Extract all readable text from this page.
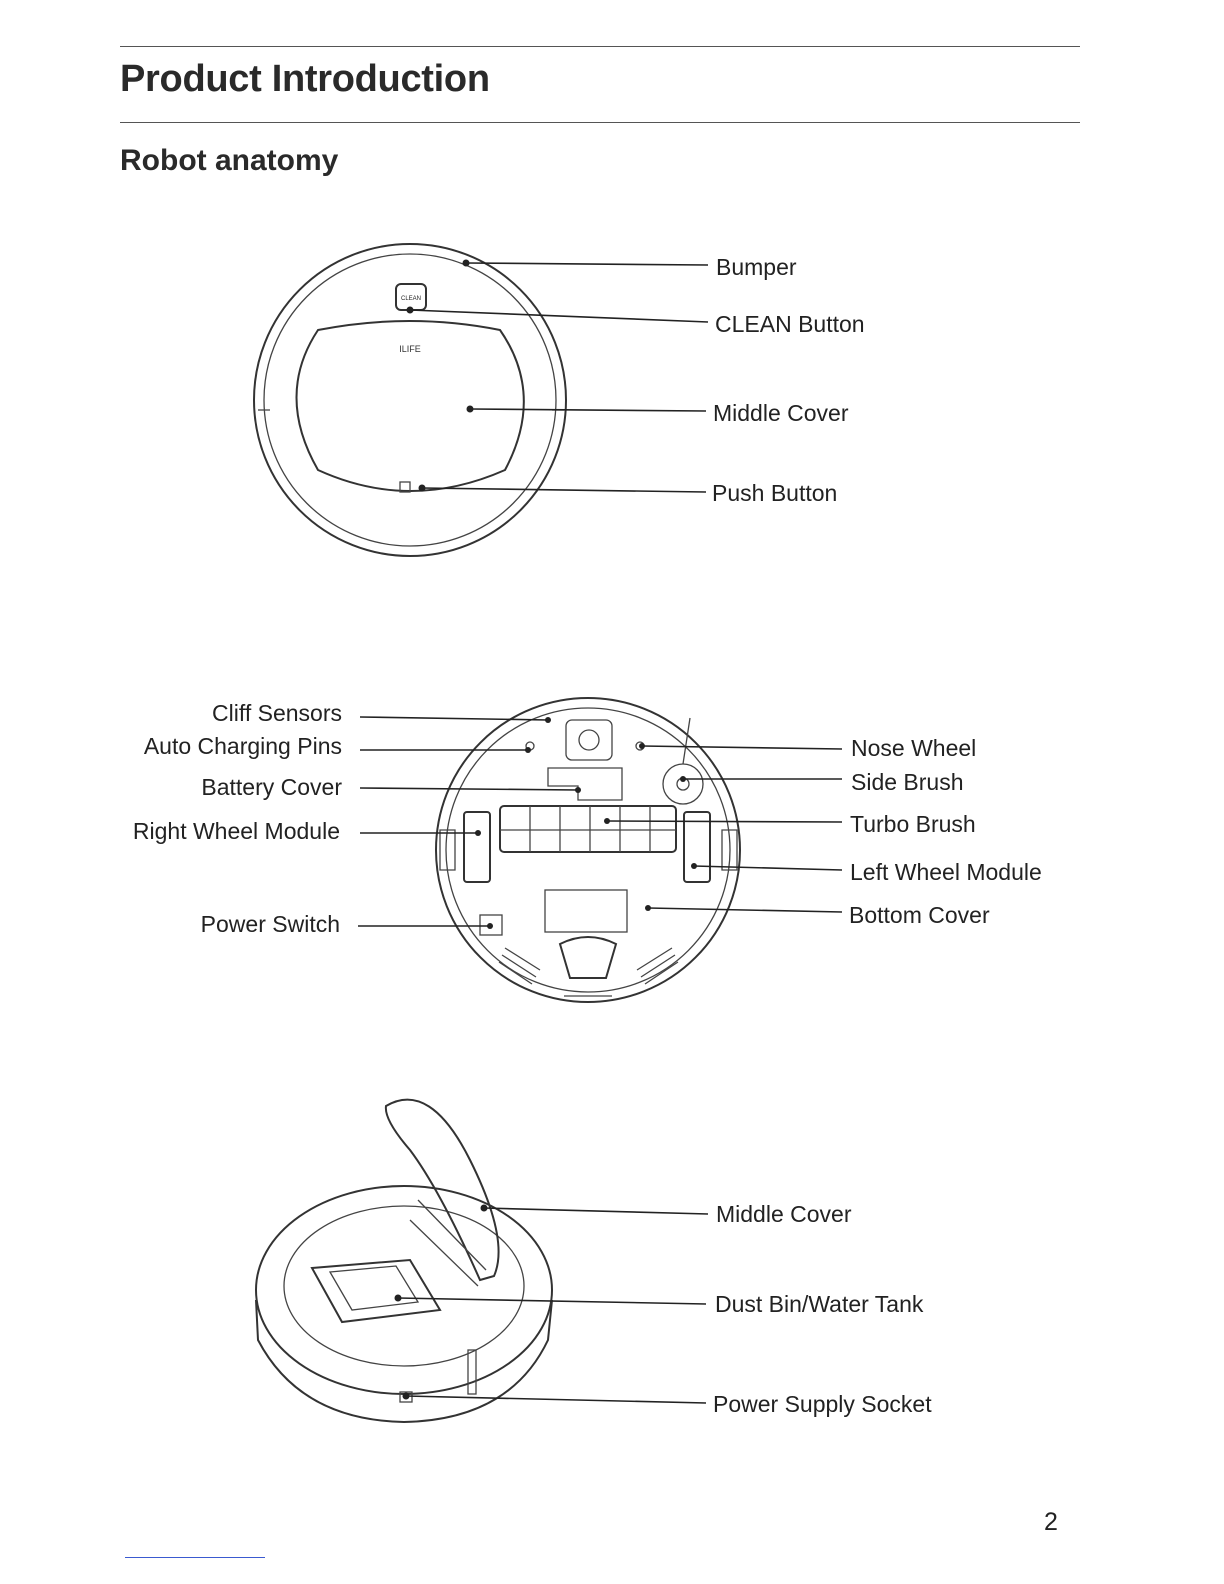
Product Introduction
Robot anatomy
CLEAN
ILIFE
Bumper
CLEAN Button
Middle Cover
Push Button
Cliff Sensors
Auto Charging Pins
Battery Cover
Right Wheel Module
Power Switch
Nose Wheel
Side Brush
Turbo Brush
Left Wheel Module
Bottom Cover
Middle Cover
Dust Bin/Water Tank
Power Supply Socket
2
